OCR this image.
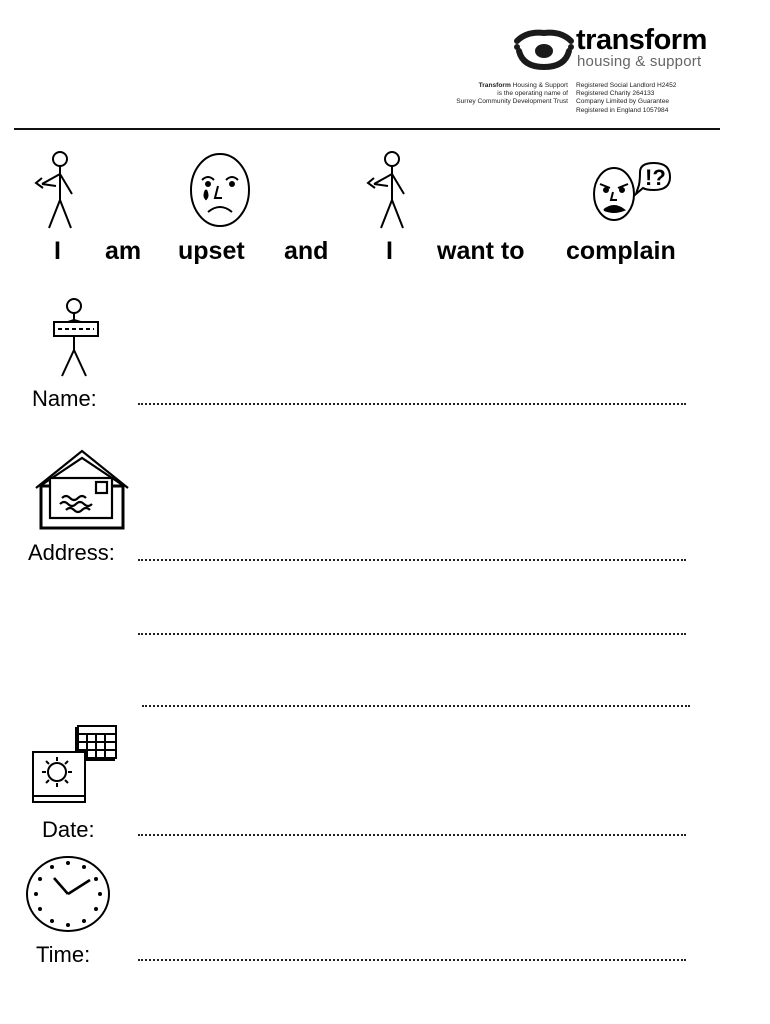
transform
housing & support
Transform Housing & Support
is the operating name of
Surrey Community Development Trust
Registered Social Landlord H2452
Registered Charity 264133
Company Limited by Guarantee
Registered in England 1057984
!?
I am upset and I want to complain
Name:
Address:
Date:
Time:
